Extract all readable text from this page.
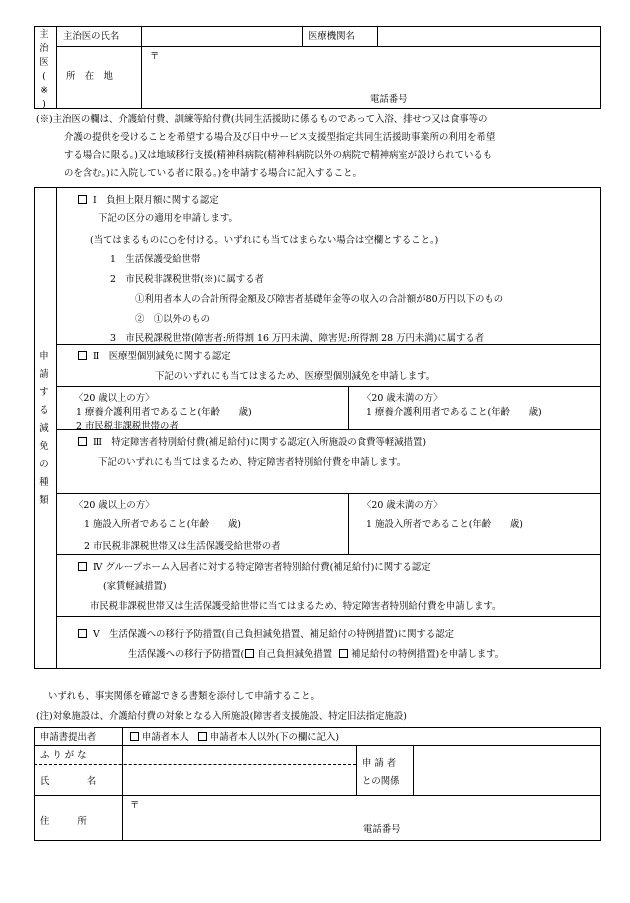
主
治
医
(
※
)
主治医の氏名	医療機関名
〒
所　在　地
電話番号
(※)主治医の欄は、介護給付費、訓練等給付費(共同生活援助に係るものであって入浴、排せつ又は食事等の
介護の提供を受けることを希望する場合及び日中サービス支援型指定共同生活援助事業所の利用を希望
する場合に限る。)又は地域移行支援(精神科病院(精神科病院以外の病院で精神病室が設けられているも
のを含む。)に入院している者に限る。)を申請する場合に記入すること。
申
請
す
る
減
免
の
種
類
Ⅰ　負担上限月額に関する認定
下記の区分の適用を申請します。
(当てはまるものに○を付ける。いずれにも当てはまらない場合は空欄とすること。)
1　生活保護受給世帯
2　市民税非課税世帯(※)に属する者
①利用者本人の合計所得金額及び障害者基礎年金等の収入の合計額が80万円以下のもの
②　①以外のもの
3　市民税課税世帯(障害者:所得割 16 万円未満、障害児:所得割 28 万円未満)に属する者
Ⅱ　医療型個別減免に関する認定
下記のいずれにも当てはまるため、医療型個別減免を申請します。
〈20 歳以上の方〉
1 療養介護利用者であること(年齢　　歳)
2 市民税非課税世帯の者
〈20 歳未満の方〉
1 療養介護利用者であること(年齢　　歳)
Ⅲ　特定障害者特別給付費(補足給付)に関する認定(入所施設の食費等軽減措置)
下記のいずれにも当てはまるため、特定障害者特別給付費を申請します。
〈20 歳以上の方〉
1 施設入所者であること(年齢　　歳)
2 市民税非課税世帯又は生活保護受給世帯の者
〈20 歳未満の方〉
1 施設入所者であること(年齢　　歳)
Ⅳ グループホーム入居者に対する特定障害者特別給付費(補足給付)に関する認定
(家賃軽減措置)
市民税非課税世帯又は生活保護受給世帯に当てはまるため、特定障害者特別給付費を申請します。
Ⅴ　生活保護への移行予防措置(自己負担減免措置、補足給付の特例措置)に関する認定
生活保護への移行予防措置( 自己負担減免措置 補足給付の特例措置)を申請します。
いずれも、事実関係を確認できる書類を添付して申請すること。
(注)対象施設は、介護給付費の対象となる入所施設(障害者支援施設、特定旧法指定施設)
申請書提出者	申請者本人 申請者本人以外(下の欄に記入)
ふ り が な
氏　　　　名
申 請 者
との関係
〒
住　　　所
電話番号
